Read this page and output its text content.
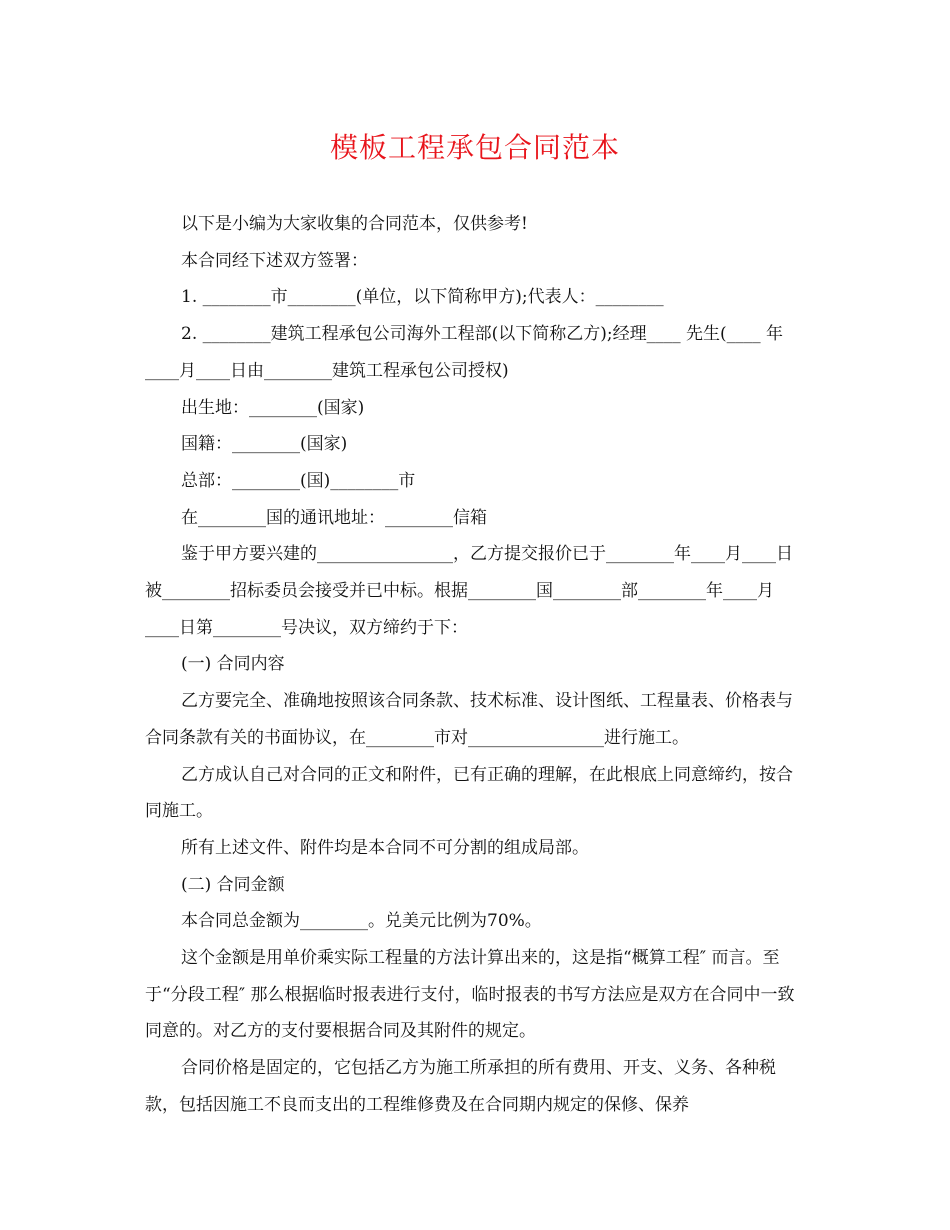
模板工程承包合同范本

以下是小编为大家收集的合同范本，仅供参考!

本合同经下述双方签署：

1. ________市________(单位，以下简称甲方);代表人：________

2. ________建筑工程承包公司海外工程部(以下简称乙方);经理____ 先生(____ 年____月____日由________建筑工程承包公司授权)

出生地：________(国家)

国籍：________(国家)

总部：________(国)________市

在________国的通讯地址：________信箱

鉴于甲方要兴建的________________，乙方提交报价已于________年____月____日被________招标委员会接受并已中标。根据________国________部________年____月____日第________号决议，双方缔约于下：

(一) 合同内容

乙方要完全、准确地按照该合同条款、技术标准、设计图纸、工程量表、价格表与合同条款有关的书面协议，在________市对________________进行施工。

乙方成认自己对合同的正文和附件，已有正确的理解，在此根底上同意缔约，按合同施工。

所有上述文件、附件均是本合同不可分割的组成局部。

(二) 合同金额

本合同总金额为________。兑美元比例为70%。

这个金额是用单价乘实际工程量的方法计算出来的，这是指“概算工程″ 而言。至于“分段工程″ 那么根据临时报表进行支付，临时报表的书写方法应是双方在合同中一致同意的。对乙方的支付要根据合同及其附件的规定。

合同价格是固定的，它包括乙方为施工所承担的所有费用、开支、义务、各种税款，包括因施工不良而支出的工程维修费及在合同期内规定的保修、保养
